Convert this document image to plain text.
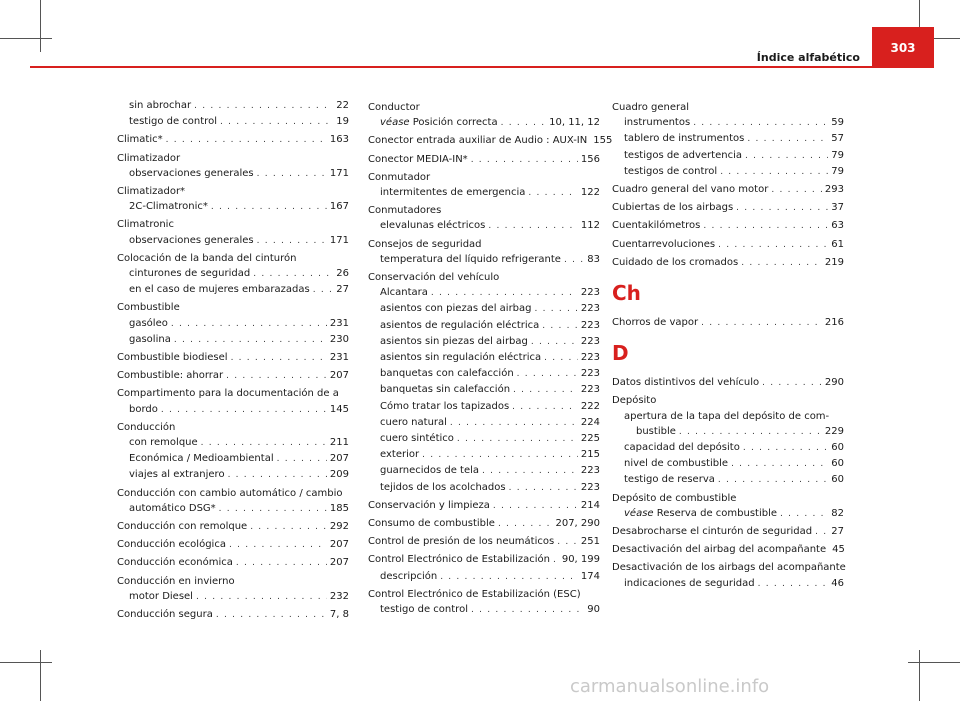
Índice alfabético
303
sin abrochar . . .	22
testigo de control . . .	19
Climatic* . . .	163
Climatizador
observaciones generales . . .	171
Climatizador*
2C-Climatronic* . . .	167
Climatronic
observaciones generales . . .	171
Colocación de la banda del cinturón
cinturones de seguridad . . .	26
en el caso de mujeres embarazadas . . .	27
Combustible
gasóleo . . .	231
gasolina . . .	230
Combustible biodiesel . . .	231
Combustible: ahorrar . . .	207
Compartimento para la documentación de a
bordo . . .	145
Conducción
con remolque . . .	211
Económica / Medioambiental . . .	207
viajes al extranjero . . .	209
Conducción con cambio automático / cambio
automático DSG* . . .	185
Conducción con remolque . . .	292
Conducción ecológica . . .	207
Conducción económica . . .	207
Conducción en invierno
motor Diesel . . .	232
Conducción segura . . .	7, 8
Conductor
véase
Posición correcta . . .	10, 11, 12
Conector entrada auxiliar de Audio : AUX-IN 155
Conector MEDIA-IN* . . .	156
Conmutador
intermitentes de emergencia . . .	122
Conmutadores
elevalunas eléctricos . . .	112
Consejos de seguridad
temperatura del líquido refrigerante . . .	83
Conservación del vehículo
Alcantara . . .	223
asientos con piezas del airbag . . .	223
asientos de regulación eléctrica . . .	223
asientos sin piezas del airbag . . .	223
asientos sin regulación eléctrica . . .	223
banquetas con calefacción . . .	223
banquetas sin calefacción . . .	223
Cómo tratar los tapizados . . .	222
cuero natural . . .	224
cuero sintético . . .	225
exterior . . .	215
guarnecidos de tela . . .	223
tejidos de los acolchados . . .	223
Conservación y limpieza . . .	214
Consumo de combustible . . .	207, 290
Control de presión de los neumáticos . . .	251
Control Electrónico de Estabilización . . . 90, 199
descripción . . .	174
Control Electrónico de Estabilización (ESC)
testigo de control . . .	90
Cuadro general
instrumentos . . .	59
tablero de instrumentos . . .	57
testigos de advertencia . . .	79
testigos de control . . .	79
Cuadro general del vano motor . . .	293
Cubiertas de los airbags . . .	37
Cuentakilómetros . . .	63
Cuentarrevoluciones . . .	61
Cuidado de los cromados . . .	219
Ch
Chorros de vapor . . .	216
D
Datos distintivos del vehículo . . .	290
Depósito
apertura de la tapa del depósito de com-
bustible . . .	229
capacidad del depósito . . .	60
nivel de combustible . . .	60
testigo de reserva . . .	60
Depósito de combustible
véase
Reserva de combustible . . .	82
Desabrocharse el cinturón de seguridad . . . 27
Desactivación del airbag del acompañante 45
Desactivación de los airbags del acompañante
indicaciones de seguridad . . .	46
carmanualsonline.info
